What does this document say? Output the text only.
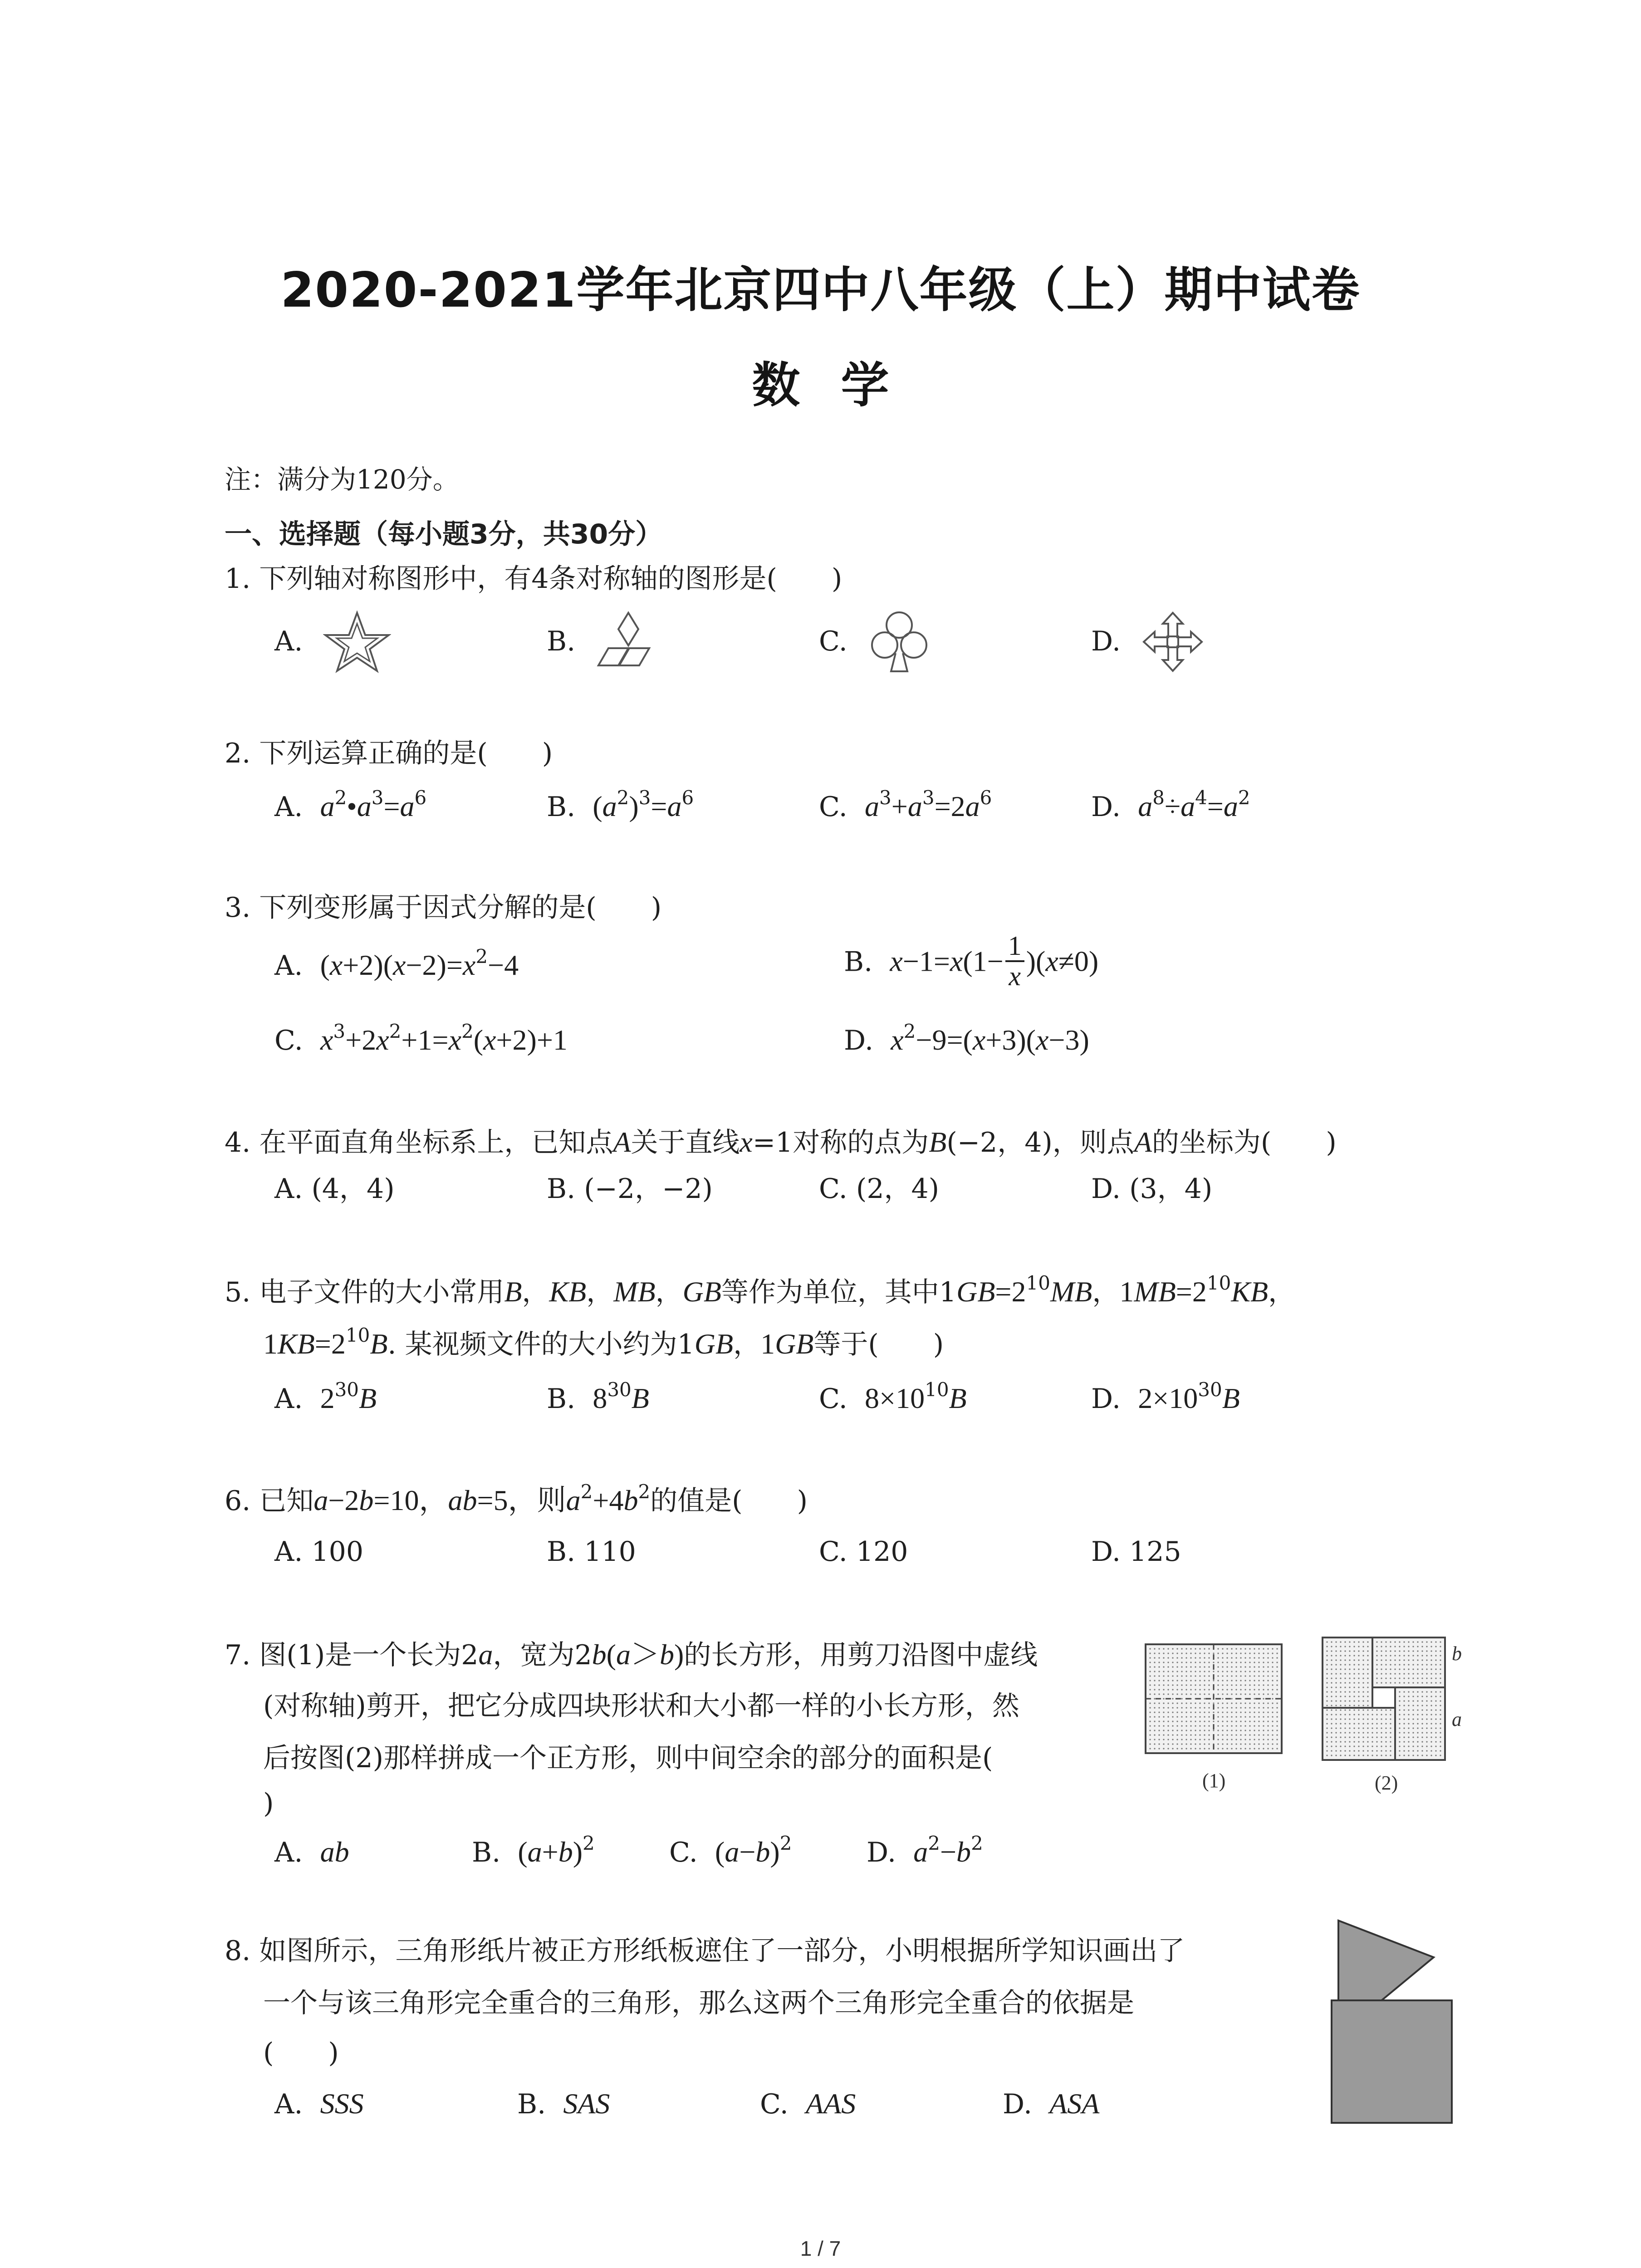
2020-2021学年北京四中八年级（上）期中试卷
数学
注：满分为120分。
一、选择题（每小题3分，共30分）
1. 下列轴对称图形中，有4条对称轴的图形是(　　)
A.	B.	C.	D.
2. 下列运算正确的是(　　)
A. $a^2•a^3=a^6$	B. $(a^2)^3=a^6$	C. $a^3+a^3=2a^6$	D. $a^8\div a^4=a^2$
3. 下列变形属于因式分解的是(　　)
A. $(x+2)(x-2)=x^2-4$	B. $x-1=x(1- \frac{1}{x} )(x\ne 0)$
C. $x^3+2x^2+1=x^2(x+2)+1$	D. $x^2-9=(x+3)(x-3)$
4. 在平面直角坐标系上，已知点A关于直线x=1对称的点为B(−2，4)，则点A的坐标为(　　)
A. (4，4)	B. (−2，−2)	C. (2，4)	D. (3，4)
5. 电子文件的大小常用B，KB，MB，GB等作为单位，其中$1GB=2^{10}MB$，$1MB=2^{10}KB$，
$1KB=2^{10}B$. 某视频文件的大小约为1GB，1GB等于(　　)
A. $2^{30}B$	B. $8^{30}B$	C. $8\times 10^{10}B$	D. $2\times 10^{30}B$
6. 已知a−2b=10，ab=5，则$a^2+4b^2$的值是(　　)
A. 100	B. 110	C. 120	D. 125
7. 图(1)是一个长为2a，宽为2b(a＞b)的长方形，用剪刀沿图中虚线
(对称轴)剪开，把它分成四块形状和大小都一样的小长方形，然
后按图(2)那样拼成一个正方形，则中间空余的部分的面积是(
)
A. ab	B. $(a+b)^2$	C. $(a-b)^2$	D. $a^2-b^2$
(1)
b
a
(2)
8. 如图所示，三角形纸片被正方形纸板遮住了一部分，小明根据所学知识画出了
一个与该三角形完全重合的三角形，那么这两个三角形完全重合的依据是
(　　)
A. SSS	B. SAS	C. AAS	D. ASA
1 / 7
